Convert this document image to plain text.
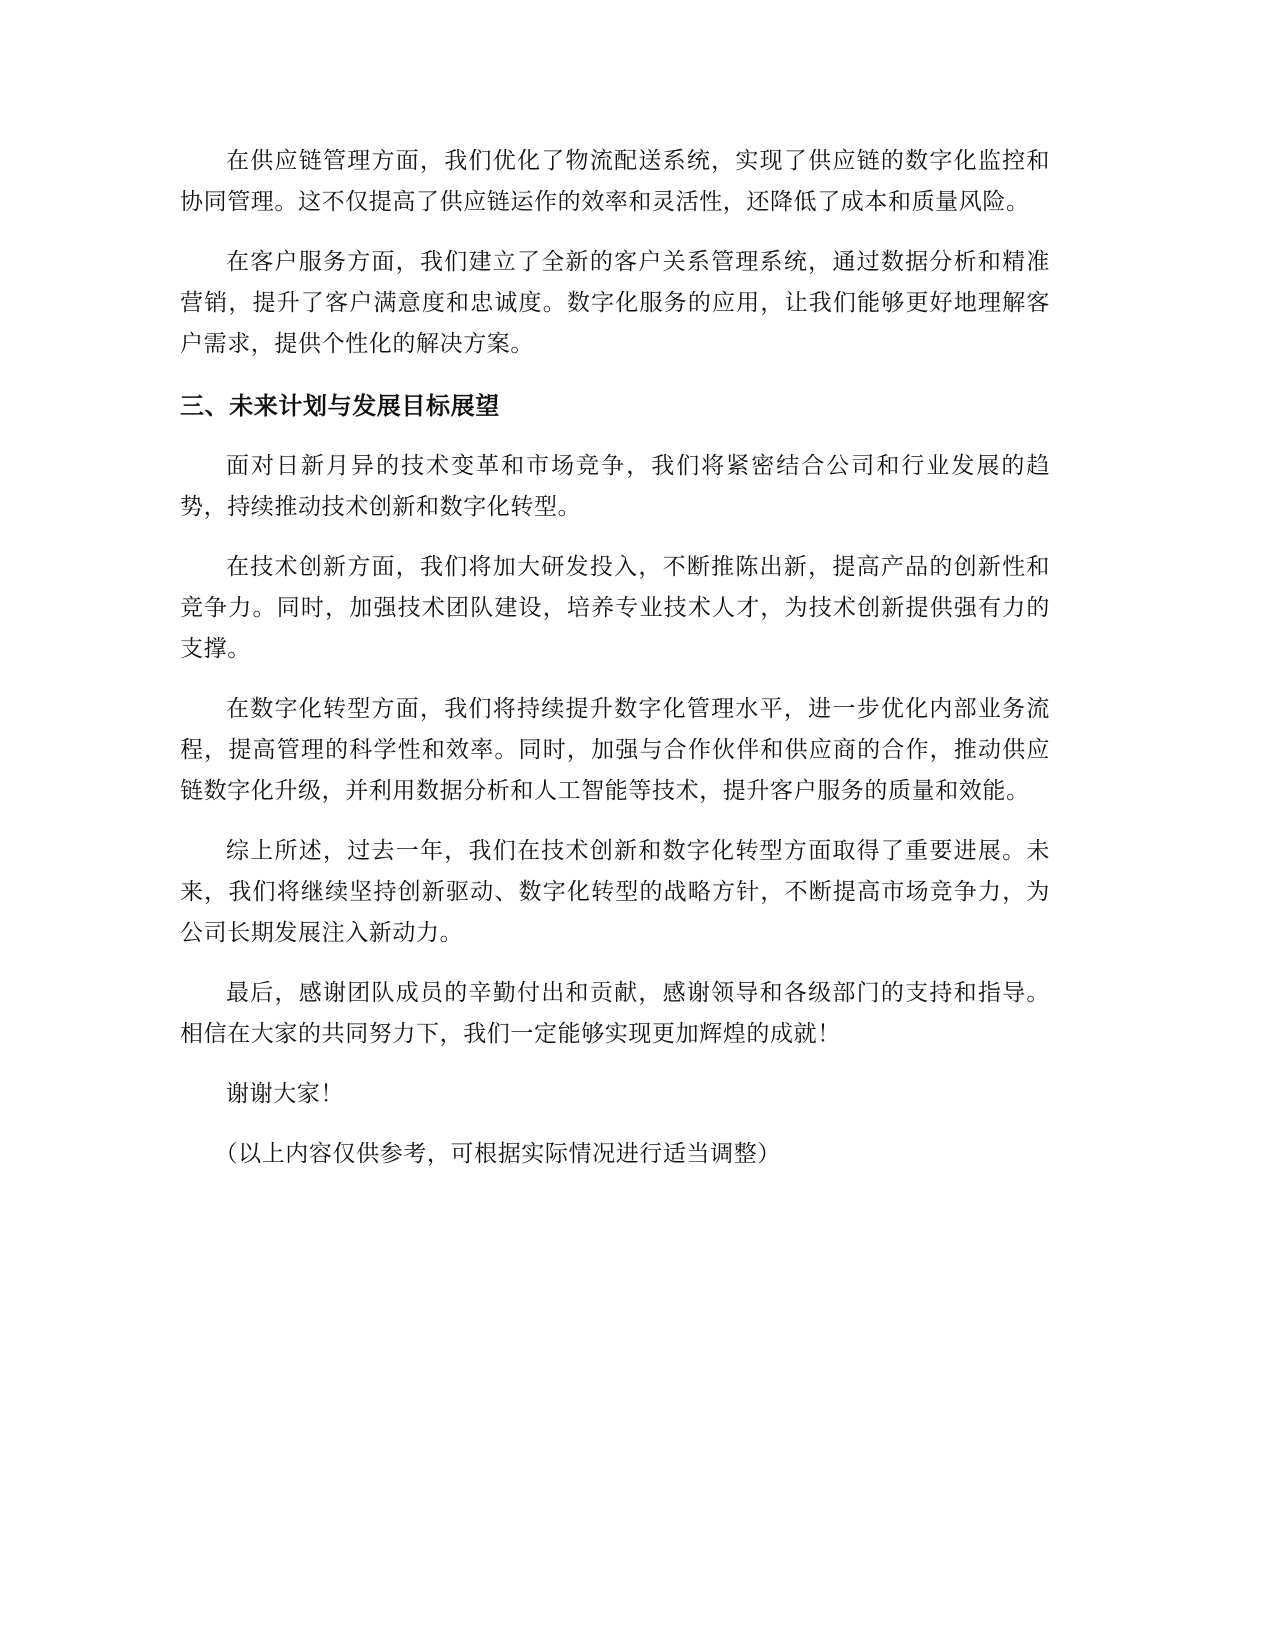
在供应链管理方面，我们优化了物流配送系统，实现了供应链的数字化监控和协同管理。这不仅提高了供应链运作的效率和灵活性，还降低了成本和质量风险。

在客户服务方面，我们建立了全新的客户关系管理系统，通过数据分析和精准营销，提升了客户满意度和忠诚度。数字化服务的应用，让我们能够更好地理解客户需求，提供个性化的解决方案。

三、未来计划与发展目标展望

面对日新月异的技术变革和市场竞争，我们将紧密结合公司和行业发展的趋势，持续推动技术创新和数字化转型。

在技术创新方面，我们将加大研发投入，不断推陈出新，提高产品的创新性和竞争力。同时，加强技术团队建设，培养专业技术人才，为技术创新提供强有力的支撑。

在数字化转型方面，我们将持续提升数字化管理水平，进一步优化内部业务流程，提高管理的科学性和效率。同时，加强与合作伙伴和供应商的合作，推动供应链数字化升级，并利用数据分析和人工智能等技术，提升客户服务的质量和效能。

综上所述，过去一年，我们在技术创新和数字化转型方面取得了重要进展。未来，我们将继续坚持创新驱动、数字化转型的战略方针，不断提高市场竞争力，为公司长期发展注入新动力。

最后，感谢团队成员的辛勤付出和贡献，感谢领导和各级部门的支持和指导。相信在大家的共同努力下，我们一定能够实现更加辉煌的成就！

谢谢大家！

（以上内容仅供参考，可根据实际情况进行适当调整）
